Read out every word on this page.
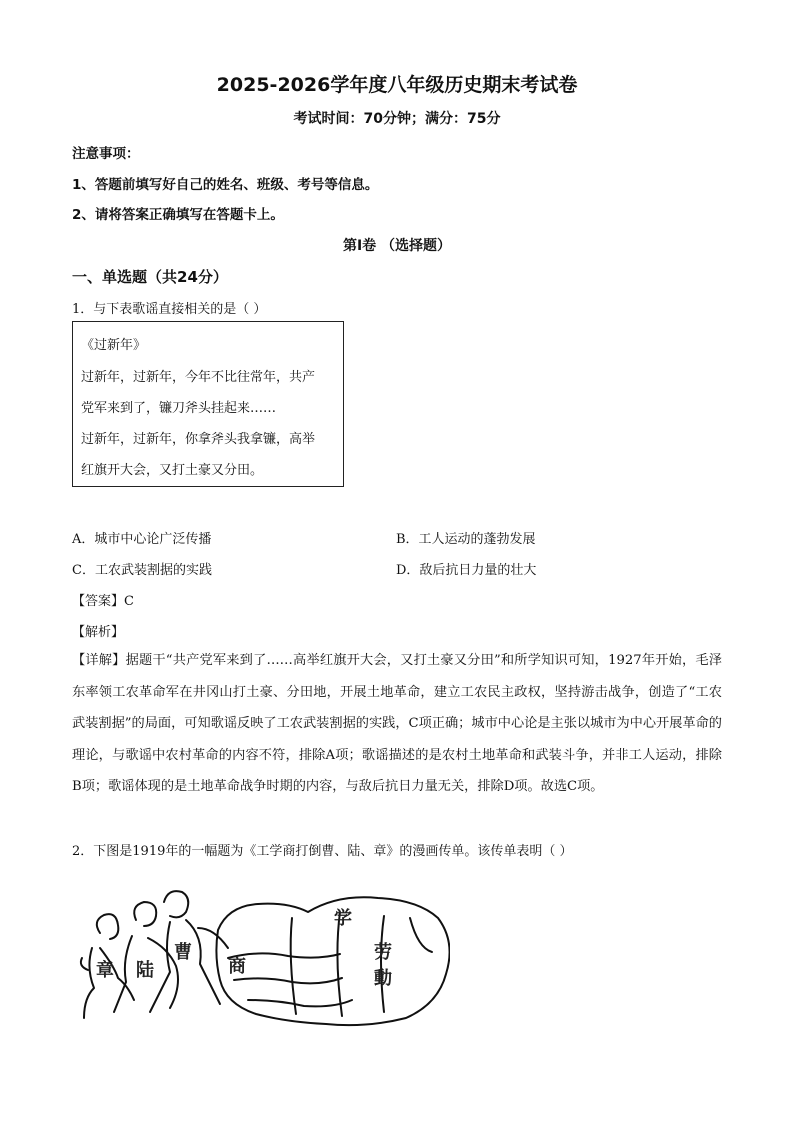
2025-2026学年度八年级历史期末考试卷
考试时间：70分钟；满分：75分
注意事项：
1、答题前填写好自己的姓名、班级、考号等信息。
2、请将答案正确填写在答题卡上。
第I卷 （选择题）
一、单选题（共24分）
1．与下表歌谣直接相关的是（ ）
《过新年》
过新年，过新年，今年不比往常年，共产
党军来到了，镰刀斧头挂起来……
过新年，过新年，你拿斧头我拿镰，高举
红旗开大会，又打土豪又分田。
A．城市中心论广泛传播	B．工人运动的蓬勃发展
C．工农武装割据的实践	D．敌后抗日力量的壮大
【答案】C
【解析】
【详解】据题干“共产党军来到了……高举红旗开大会，又打土豪又分田”和所学知识可知，1927年开始，毛泽东率领工农革命军在井冈山打土豪、分田地，开展土地革命，建立工农民主政权，坚持游击战争，创造了“工农武装割据”的局面，可知歌谣反映了工农武装割据的实践，C项正确；城市中心论是主张以城市为中心开展革命的理论，与歌谣中农村革命的内容不符，排除A项；歌谣描述的是农村土地革命和武装斗争，并非工人运动，排除B项；歌谣体现的是土地革命战争时期的内容，与敌后抗日力量无关，排除D项。故选C项。
2．下图是1919年的一幅题为《工学商打倒曹、陆、章》的漫画传单。该传单表明（ ）
章 陆
曹
商
学
劳
動
